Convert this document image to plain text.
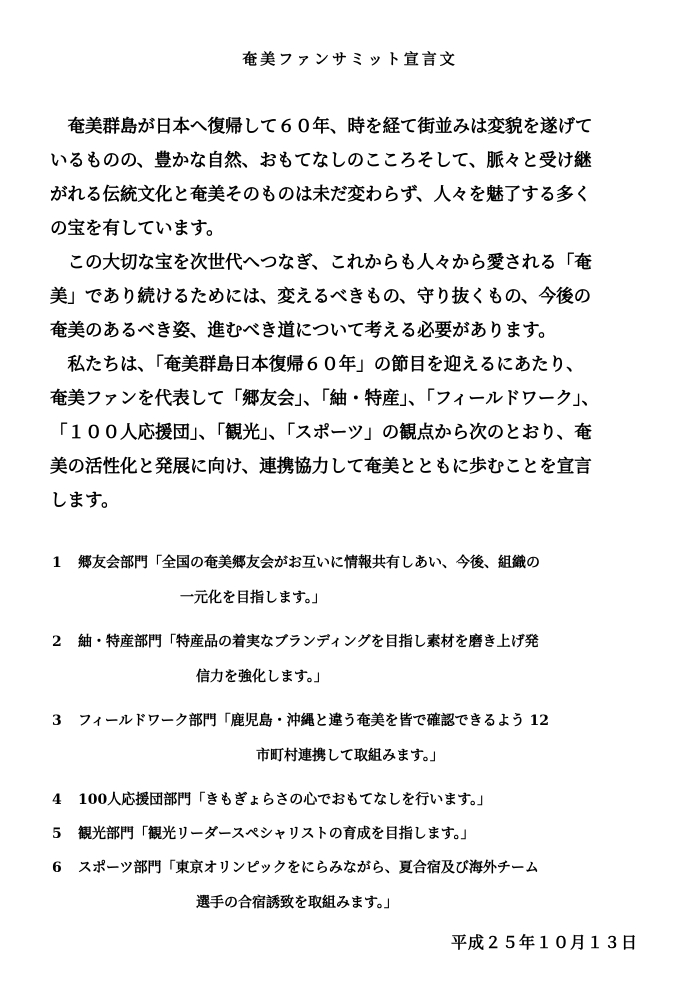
奄美ファンサミット宣言文

　奄美群島が日本へ復帰して６０年、時を経て街並みは変貌を遂げて
いるものの、豊かな自然、おもてなしのこころそして、脈々と受け継
がれる伝統文化と奄美そのものは未だ変わらず、人々を魅了する多く
の宝を有しています。

　この大切な宝を次世代へつなぎ、これからも人々から愛される「奄
美」であり続けるためには、変えるべきもの、守り抜くもの、今後の
奄美のあるべき姿、進むべき道について考える必要があります。

　私たちは、「奄美群島日本復帰６０年」の節目を迎えるにあたり、
奄美ファンを代表して「郷友会」、「紬・特産」、「フィールドワーク」、
「１００人応援団」、「観光」、「スポーツ」の観点から次のとおり、奄
美の活性化と発展に向け、連携協力して奄美とともに歩むことを宣言
します。

1 郷友会部門「全国の奄美郷友会がお互いに情報共有しあい、今後、組織の
一元化を目指します。」
2 紬・特産部門「特産品の着実なブランディングを目指し素材を磨き上げ発
信力を強化します。」
3 フィールドワーク部門「鹿児島・沖縄と違う奄美を皆で確認できるよう 12
市町村連携して取組みます。」
4 100人応援団部門「きもぎょらさの心でおもてなしを行います。」
5 観光部門「観光リーダースペシャリストの育成を目指します。」
6 スポーツ部門「東京オリンピックをにらみながら、夏合宿及び海外チーム
選手の合宿誘致を取組みます。」
平成２５年１０月１３日
